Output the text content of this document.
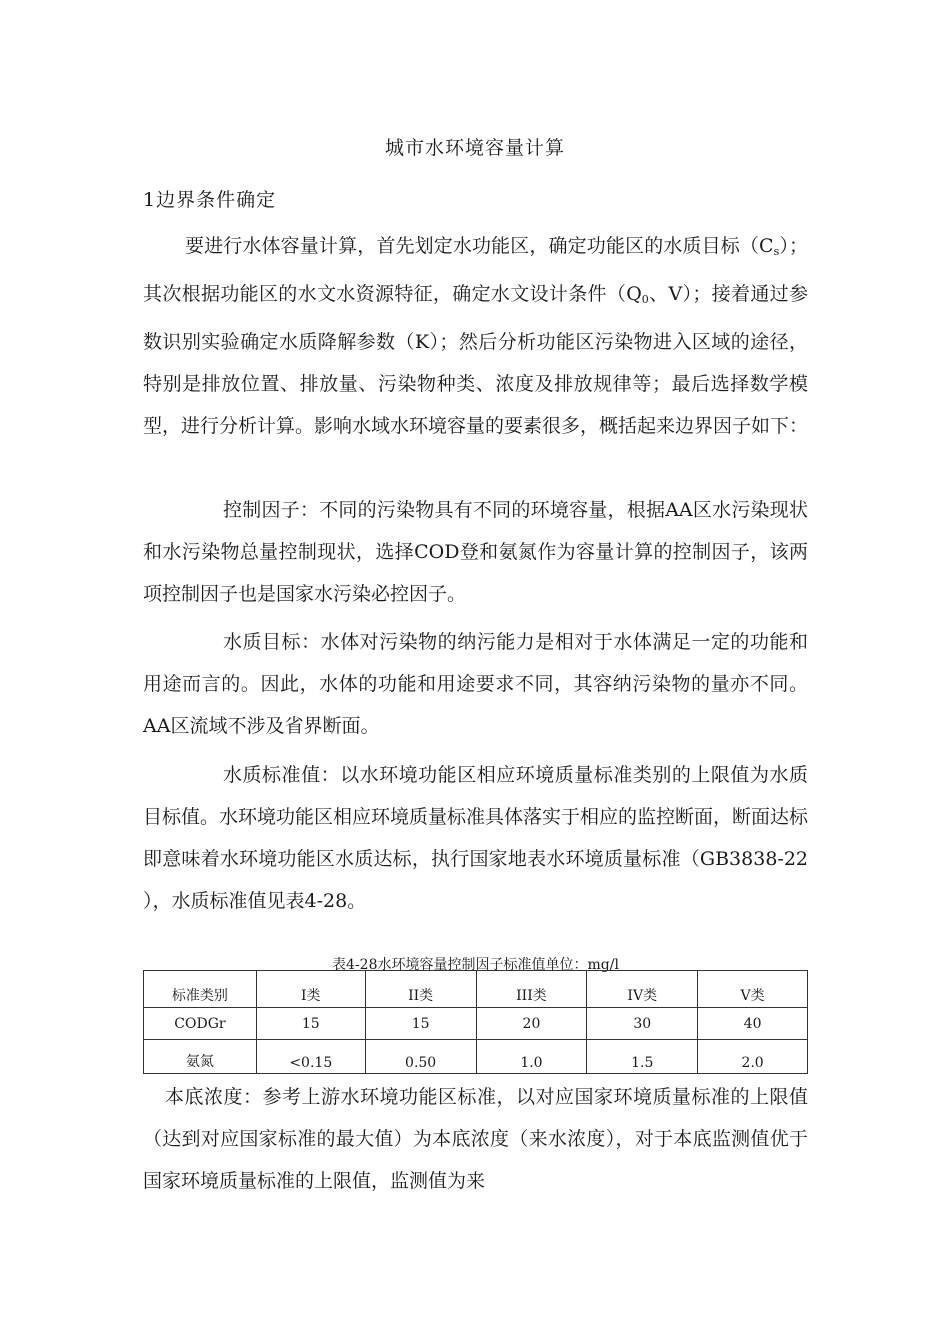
城市水环境容量计算
1边界条件确定

要进行水体容量计算，首先划定水功能区，确定功能区的水质目标$(C_s)$；其次根据功能区的水文水资源特征，确定水文设计条件（$Q_0$、V）；接着通过参数识别实验确定水质降解参数（K）；然后分析功能区污染物进入区域的途径，特别是排放位置、排放量、污染物种类、浓度及排放规律等；最后选择数学模型，进行分析计算。影响水域水环境容量的要素很多，概括起来边界因子如下：

控制因子：不同的污染物具有不同的环境容量，根据AA区水污染现状和水污染物总量控制现状，选择COD登和氨氮作为容量计算的控制因子，该两项控制因子也是国家水污染必控因子。

水质目标：水体对污染物的纳污能力是相对于水体满足一定的功能和用途而言的。因此，水体的功能和用途要求不同，其容纳污染物的量亦不同。AA区流域不涉及省界断面。

水质标准值：以水环境功能区相应环境质量标准类别的上限值为水质目标值。水环境功能区相应环境质量标准具体落实于相应的监控断面，断面达标即意味着水环境功能区水质达标，执行国家地表水环境质量标准（GB3838-22 ），水质标准值见表4-28。

表4-28水环境容量控制因子标准值单位：mg/l
标准类别	I类	II类	III类	IV类	V类
CODGr	15	15	20	30	40
氨氮	<0.15	0.50	1.0	1.5	2.0

本底浓度：参考上游水环境功能区标准，以对应国家环境质量标准的上限值（达到对应国家标准的最大值）为本底浓度（来水浓度），对于本底监测值优于国家环境质量标准的上限值，监测值为来
